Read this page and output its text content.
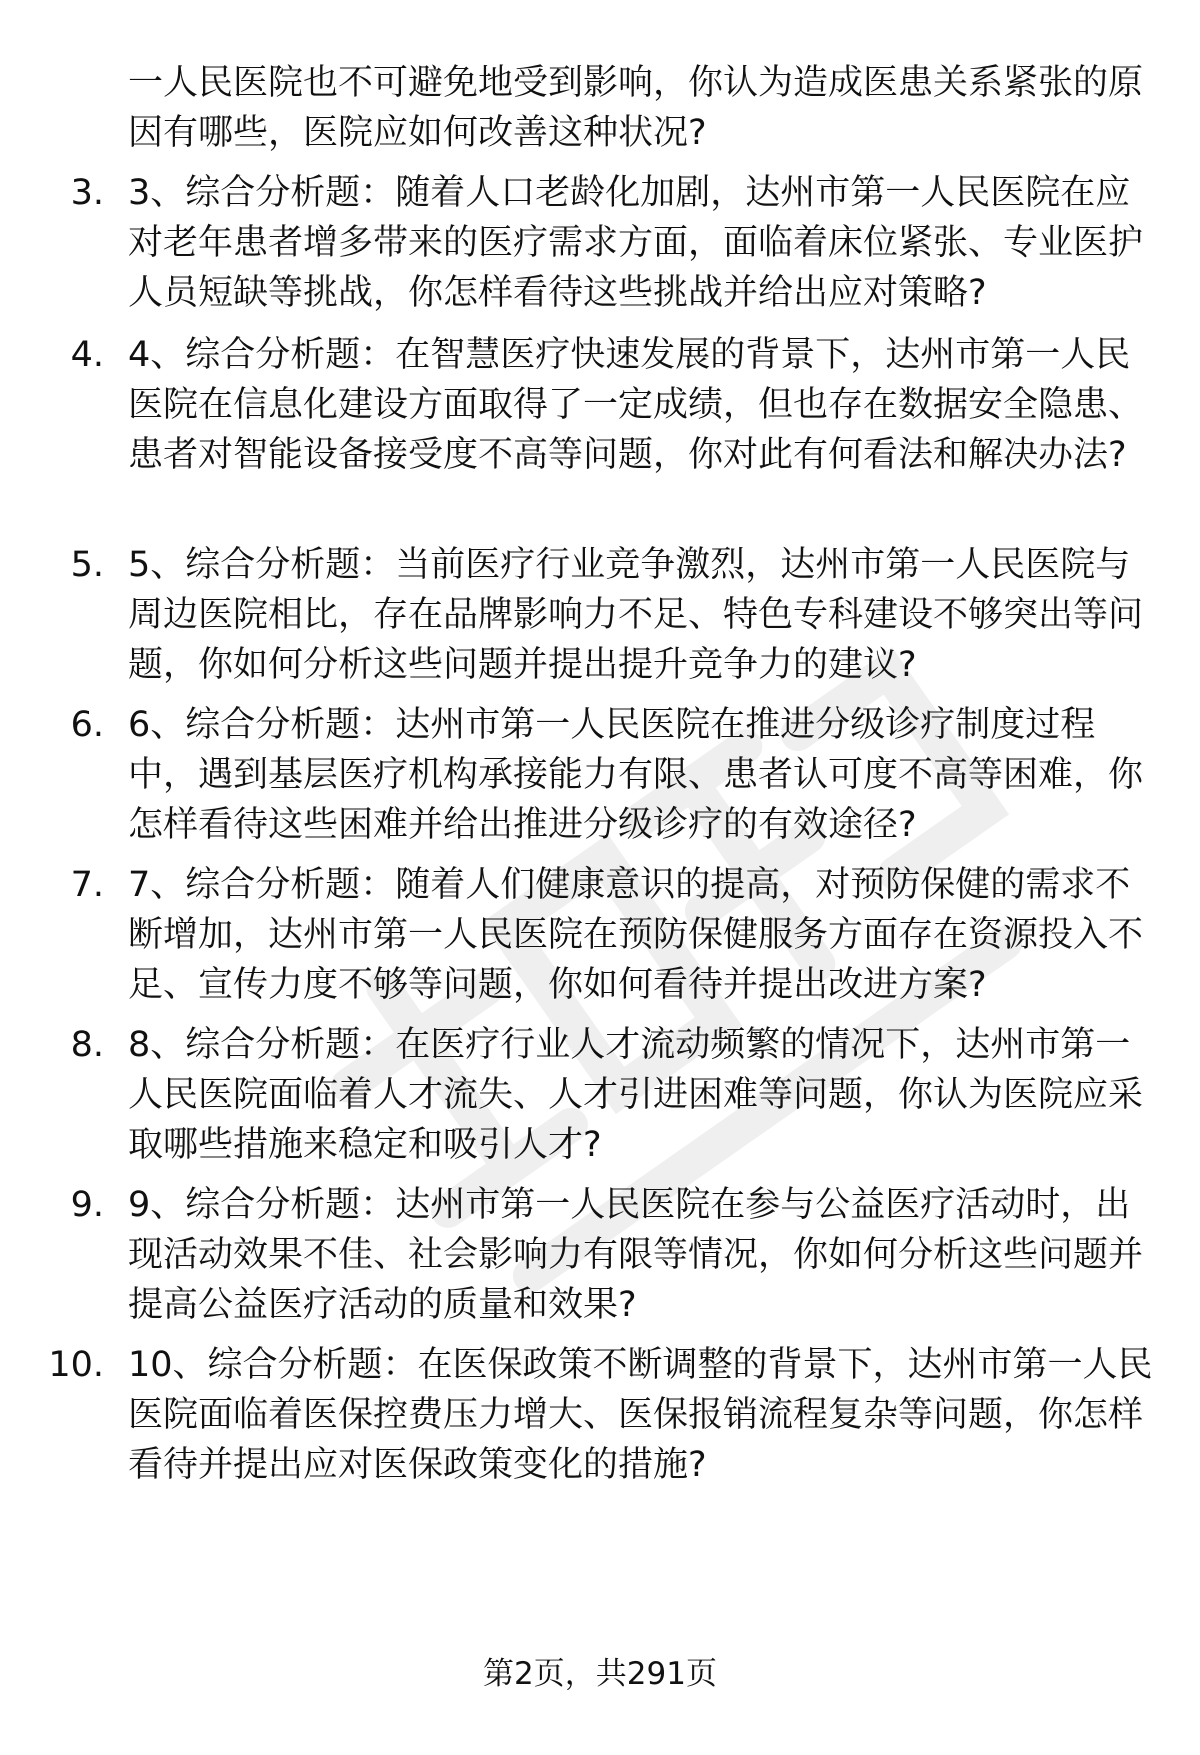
一人民医院也不可避免地受到影响，你认为造成医患关系紧张的原因有哪些，医院应如何改善这种状况?
3. 3、综合分析题：随着人口老龄化加剧，达州市第一人民医院在应对老年患者增多带来的医疗需求方面，面临着床位紧张、专业医护人员短缺等挑战，你怎样看待这些挑战并给出应对策略?
4. 4、综合分析题：在智慧医疗快速发展的背景下，达州市第一人民医院在信息化建设方面取得了一定成绩，但也存在数据安全隐患、患者对智能设备接受度不高等问题，你对此有何看法和解决办法?
5. 5、综合分析题：当前医疗行业竞争激烈，达州市第一人民医院与周边医院相比，存在品牌影响力不足、特色专科建设不够突出等问题，你如何分析这些问题并提出提升竞争力的建议?
6. 6、综合分析题：达州市第一人民医院在推进分级诊疗制度过程中，遇到基层医疗机构承接能力有限、患者认可度不高等困难，你怎样看待这些困难并给出推进分级诊疗的有效途径?
7. 7、综合分析题：随着人们健康意识的提高，对预防保健的需求不断增加，达州市第一人民医院在预防保健服务方面存在资源投入不足、宣传力度不够等问题，你如何看待并提出改进方案?
8. 8、综合分析题：在医疗行业人才流动频繁的情况下，达州市第一人民医院面临着人才流失、人才引进困难等问题，你认为医院应采取哪些措施来稳定和吸引人才?
9. 9、综合分析题：达州市第一人民医院在参与公益医疗活动时，出现活动效果不佳、社会影响力有限等情况，你如何分析这些问题并提高公益医疗活动的质量和效果?
10. 10、综合分析题：在医保政策不断调整的背景下，达州市第一人民医院面临着医保控费压力增大、医保报销流程复杂等问题，你怎样看待并提出应对医保政策变化的措施?
第2页，共291页
